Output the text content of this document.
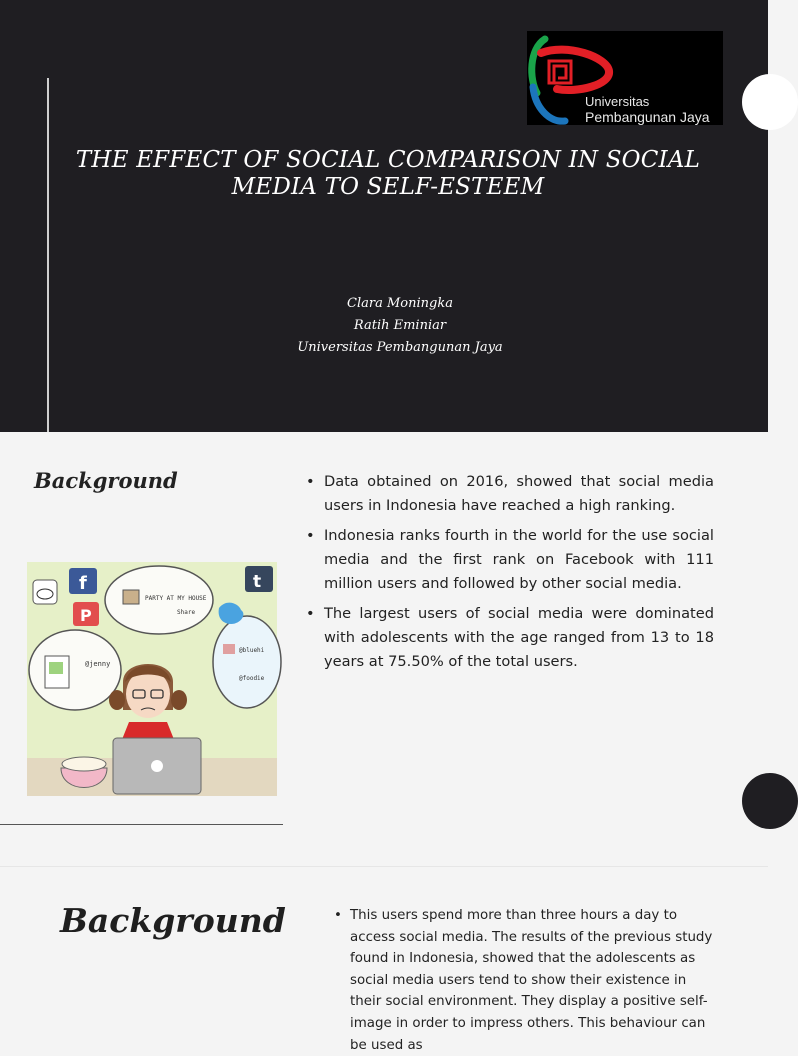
Universitas
Pembangunan Jaya
THE EFFECT OF SOCIAL COMPARISON IN SOCIAL MEDIA TO SELF-ESTEEM
Clara Moningka
Ratih Eminiar
Universitas Pembangunan Jaya
Background
@jenny
PARTY AT MY HOUSE
Share
@bluehi
@foodie
f
P
t
• Data obtained on 2016, showed that social media users in Indonesia have reached a high ranking.
• Indonesia ranks fourth in the world for the use social media and the first rank on Facebook with 111 million users and followed by other social media.
• The largest users of social media were dominated with adolescents with the age ranged from 13 to 18 years at 75.50% of the total users.
Background
•	This users spend more than three hours a day to access social media. The results of the previous study found in Indonesia, showed that the adolescents as social media users tend to show their existence in their social environment. They display a positive self-image in order to impress others. This behaviour can be used as
